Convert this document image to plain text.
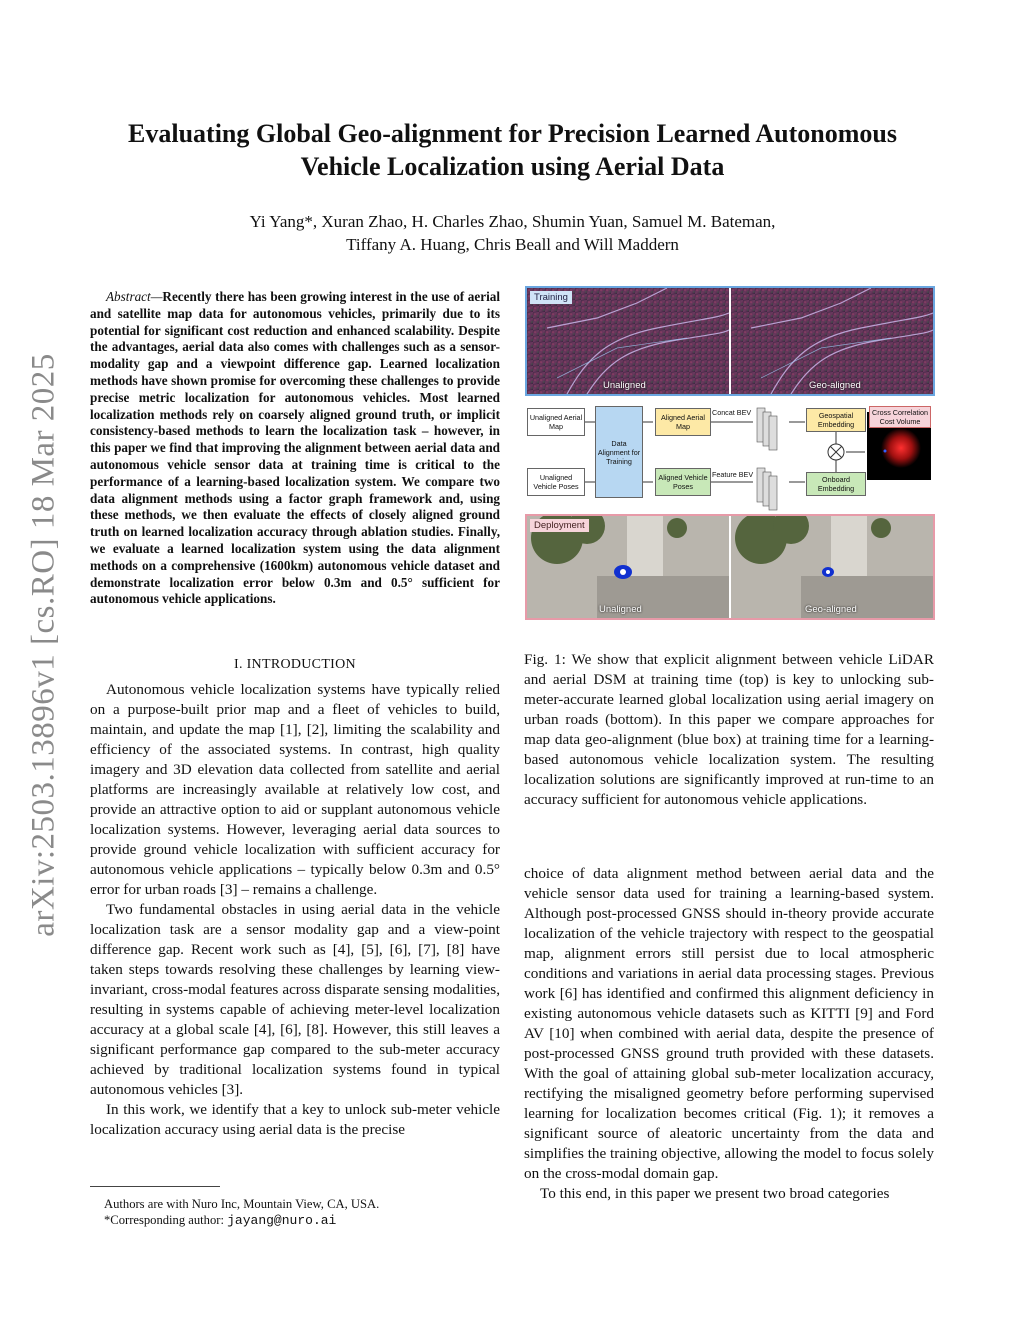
arXiv:2503.13896v1 [cs.RO] 18 Mar 2025
Evaluating Global Geo-alignment for Precision Learned Autonomous
Vehicle Localization using Aerial Data
Yi Yang*, Xuran Zhao, H. Charles Zhao, Shumin Yuan, Samuel M. Bateman,
Tiffany A. Huang, Chris Beall and Will Maddern
Abstract—Recently there has been growing interest in the use of aerial and satellite map data for autonomous vehicles, primarily due to its potential for significant cost reduction and enhanced scalability. Despite the advantages, aerial data also comes with challenges such as a sensor-modality gap and a viewpoint difference gap. Learned localization methods have shown promise for overcoming these challenges to provide precise metric localization for autonomous vehicles. Most learned localization methods rely on coarsely aligned ground truth, or implicit consistency-based methods to learn the localization task – however, in this paper we find that improving the alignment between aerial data and autonomous vehicle sensor data at training time is critical to the performance of a learning-based localization system. We compare two data alignment methods using a factor graph framework and, using these methods, we then evaluate the effects of closely aligned ground truth on learned localization accuracy through ablation studies. Finally, we evaluate a learned localization system using the data alignment methods on a comprehensive (1600km) autonomous vehicle dataset and demonstrate localization error below 0.3m and 0.5° sufficient for autonomous vehicle applications.
I. INTRODUCTION

Autonomous vehicle localization systems have typically relied on a purpose-built prior map and a fleet of vehicles to build, maintain, and update the map [1], [2], limiting the scalability and efficiency of the associated systems. In contrast, high quality imagery and 3D elevation data collected from satellite and aerial platforms are increasingly available at relatively low cost, and provide an attractive option to aid or supplant autonomous vehicle localization systems. However, leveraging aerial data sources to provide ground vehicle localization with sufficient accuracy for autonomous vehicle applications – typically below 0.3m and 0.5° error for urban roads [3] – remains a challenge.

Two fundamental obstacles in using aerial data in the vehicle localization task are a sensor modality gap and a view-point difference gap. Recent work such as [4], [5], [6], [7], [8] have taken steps towards resolving these challenges by learning view-invariant, cross-modal features across disparate sensing modalities, resulting in systems capable of achieving meter-level localization accuracy at a global scale [4], [6], [8]. However, this still leaves a significant performance gap compared to the sub-meter accuracy achieved by traditional localization systems found in typical autonomous vehicles [3].

In this work, we identify that a key to unlock sub-meter vehicle localization accuracy using aerial data is the precise

Authors are with Nuro Inc, Mountain View, CA, USA.
*Corresponding author: jayang@nuro.ai
Training
Unaligned	Geo-aligned
Unaligned Aerial Map
Unaligned Vehicle Poses
Data Alignment for Training
Aligned Aerial Map
Aligned Vehicle Poses
Concat BEV
Feature BEV
Geospatial Embedding
Onboard Embedding
Cross Correlation Cost Volume
Deployment
Unaligned	Geo-aligned
Fig. 1: We show that explicit alignment between vehicle LiDAR and aerial DSM at training time (top) is key to unlocking sub-meter-accurate learned global localization using aerial imagery on urban roads (bottom). In this paper we compare approaches for map data geo-alignment (blue box) at training time for a learning-based autonomous vehicle localization system. The resulting localization solutions are significantly improved at run-time to an accuracy sufficient for autonomous vehicle applications.

choice of data alignment method between aerial data and the vehicle sensor data used for training a learning-based system. Although post-processed GNSS should in-theory provide accurate localization of the vehicle trajectory with respect to the geospatial map, alignment errors still persist due to local atmospheric conditions and variations in aerial data processing stages. Previous work [6] has identified and confirmed this alignment deficiency in existing autonomous vehicle datasets such as KITTI [9] and Ford AV [10] when combined with aerial data, despite the presence of post-processed GNSS ground truth provided with these datasets. With the goal of attaining global sub-meter localization accuracy, rectifying the misaligned geometry before performing supervised learning for localization becomes critical (Fig. 1); it removes a significant source of aleatoric uncertainty from the data and simplifies the training objective, allowing the model to focus solely on the cross-modal domain gap.

To this end, in this paper we present two broad categories
